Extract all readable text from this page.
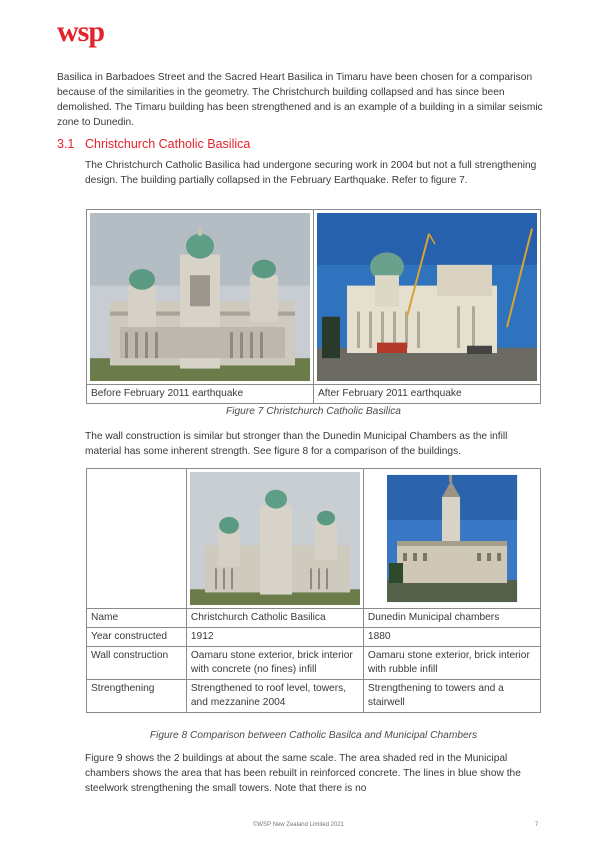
wsp

Basilica in Barbadoes Street and the Sacred Heart Basilica in Timaru have been chosen for a comparison because of the similarities in the geometry. The Christchurch building collapsed and has since been demolished. The Timaru building has been strengthened and is an example of a building in a similar seismic zone to Dunedin.

3.1 Christchurch Catholic Basilica

The Christchurch Catholic Basilica had undergone securing work in 2004 but not a full strengthening design. The building partially collapsed in the February Earthquake. Refer to figure 7.

Before February 2011 earthquake	After February 2011 earthquake
Figure 7 Christchurch Catholic Basilica

The wall construction is similar but stronger than the Dunedin Municipal Chambers as the infill material has some inherent strength. See figure 8 for a comparison of the buildings.

Name	Christchurch Catholic Basilica	Dunedin Municipal chambers
Year constructed	1912	1880
Wall construction	Oamaru stone exterior, brick interior with concrete (no fines) infill	Oamaru stone exterior, brick interior with rubble infill
Strengthening	Strengthened to roof level, towers, and mezzanine 2004	Strengthening to towers and a stairwell
Figure 8 Comparison between Catholic Basilca and Municipal Chambers

Figure 9 shows the 2 buildings at about the same scale. The area shaded red in the Municipal chambers shows the area that has been rebuilt in reinforced concrete. The lines in blue show the steelwork strengthening the small towers. Note that there is no

©WSP New Zealand Limited 2021	7
